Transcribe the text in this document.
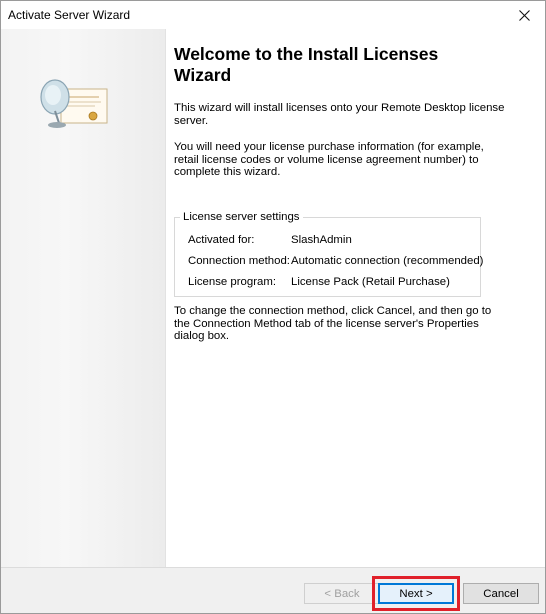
Activate Server Wizard
Welcome to the Install Licenses Wizard

This wizard will install licenses onto your Remote Desktop license server.

You will need your license purchase information (for example, retail license codes or volume license agreement number) to complete this wizard.

License server settings
Activated for:	SlashAdmin
Connection method: Automatic connection (recommended)
License program: License Pack (Retail Purchase)

To change the connection method, click Cancel, and then go to the Connection Method tab of the license server's Properties dialog box.

< Back	Next >	Cancel
